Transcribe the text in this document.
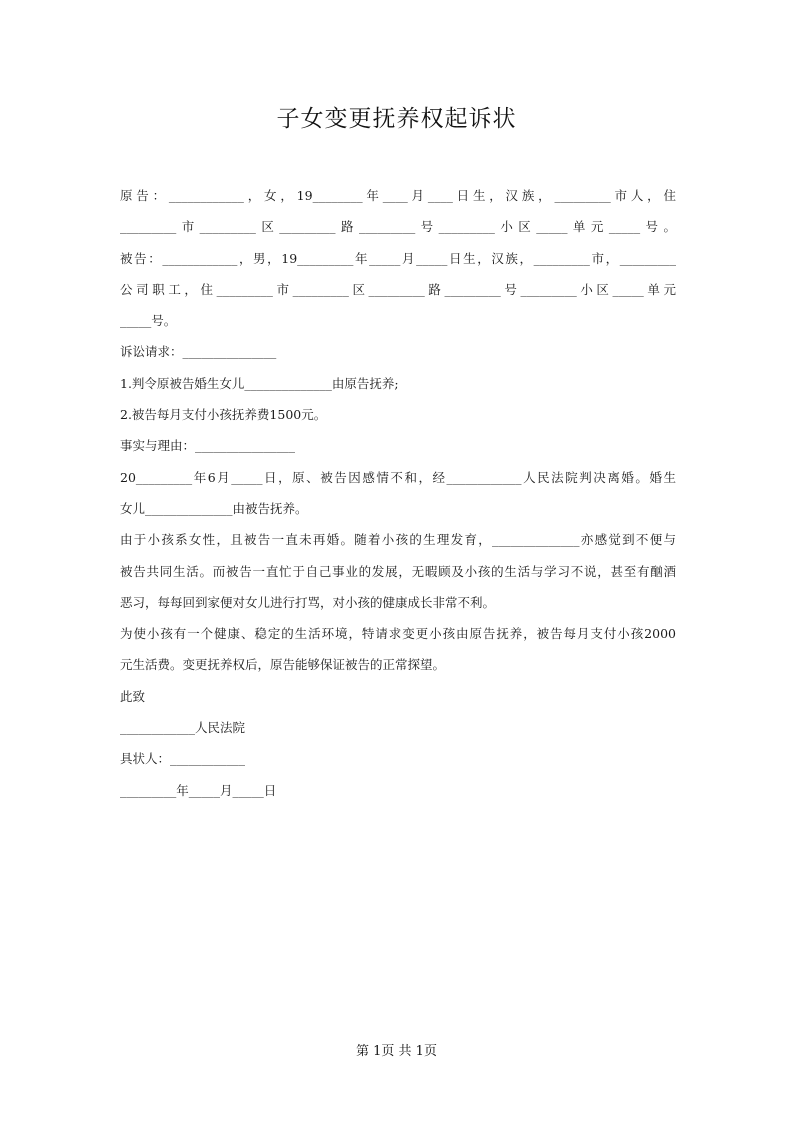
子女变更抚养权起诉状
原告：____________，女，19________年____月____日生，汉族，_________市人，住
_________市_________区_________路_________号_________小区_____单元_____号。
被告：____________，男，19_________年_____月_____日生，汉族，_________市，_________
公司职工，住_________市_________区_________路_________号_________小区_____单元
_____号。
诉讼请求：_______________
1.判令原被告婚生女儿______________由原告抚养;
2.被告每月支付小孩抚养费1500元。
事实与理由：________________
20_________年6月_____日，原、被告因感情不和，经____________人民法院判决离婚。婚生
女儿______________由被告抚养。
由于小孩系女性，且被告一直未再婚。随着小孩的生理发育，______________亦感觉到不便与
被告共同生活。而被告一直忙于自己事业的发展，无暇顾及小孩的生活与学习不说，甚至有酗酒
恶习，每每回到家便对女儿进行打骂，对小孩的健康成长非常不利。
为使小孩有一个健康、稳定的生活环境，特请求变更小孩由原告抚养，被告每月支付小孩2000
元生活费。变更抚养权后，原告能够保证被告的正常探望。
此致
____________人民法院
具状人：____________
_________年_____月_____日
第 1页 共 1页
